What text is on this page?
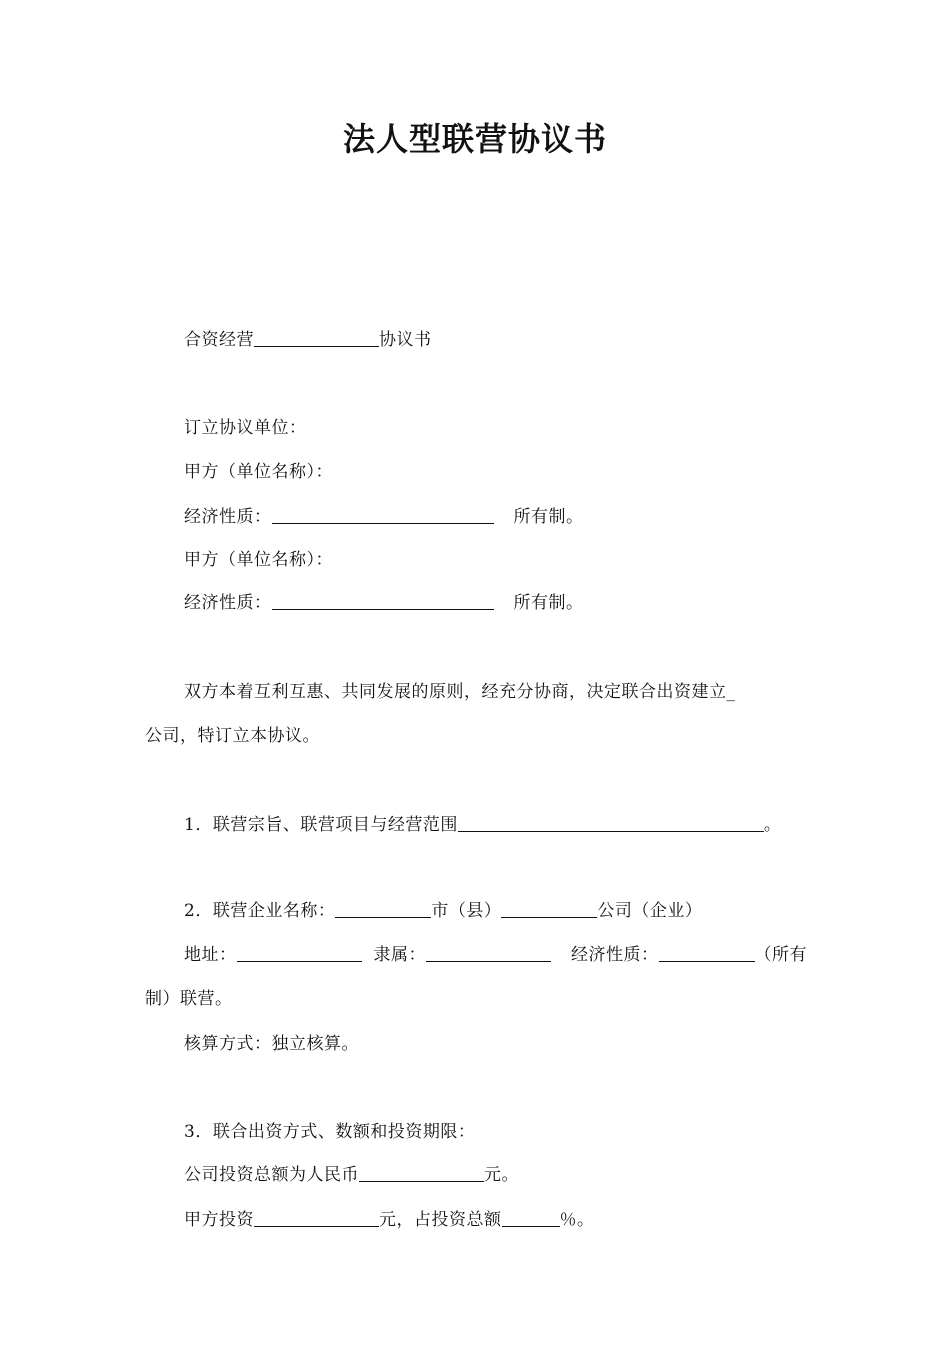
法人型联营协议书
合资经营	协议书
订立协议单位：
甲方（单位名称）：
经济性质：	所有制。
甲方（单位名称）：
经济性质：	所有制。
双方本着互利互惠、共同发展的原则，经充分协商，决定联合出资建立_
公司，特订立本协议。
1．联营宗旨、联营项目与经营范围	。
2．联营企业名称：	市（县）	公司（企业）
地址：	隶属：	经济性质：	（所有
制）联营。
核算方式：独立核算。
3．联合出资方式、数额和投资期限：
公司投资总额为人民币	元。
甲方投资	元，占投资总额	％。
